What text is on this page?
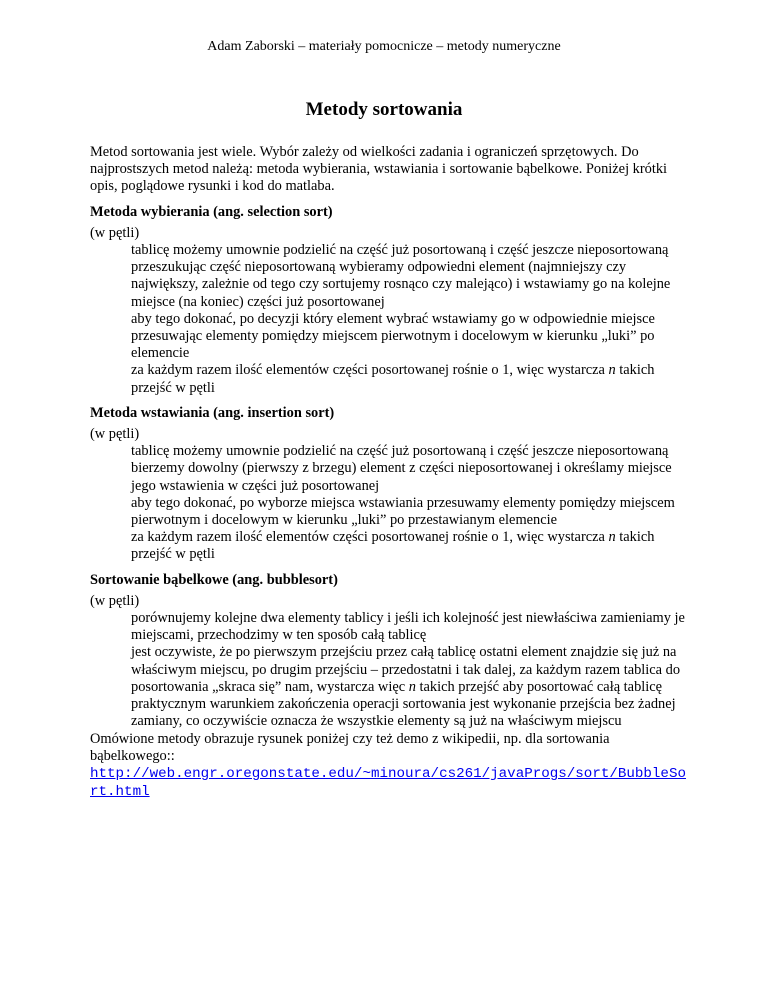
Adam Zaborski – materiały pomocnicze – metody numeryczne
Metody sortowania

Metod sortowania jest wiele. Wybór zależy od wielkości zadania i ograniczeń sprzętowych. Do najprostszych metod należą: metoda wybierania, wstawiania i sortowanie bąbelkowe. Poniżej krótki opis, poglądowe rysunki i kod do matlaba.

Metoda wybierania (ang. selection sort)

(w pętli)

tablicę możemy umownie podzielić na część już posortowaną i część jeszcze nieposortowaną

przeszukując część nieposortowaną wybieramy odpowiedni element (najmniejszy czy największy, zależnie od tego czy sortujemy rosnąco czy malejąco) i wstawiamy go na kolejne miejsce (na koniec) części już posortowanej

aby tego dokonać, po decyzji który element wybrać wstawiamy go w odpowiednie miejsce przesuwając elementy pomiędzy miejscem pierwotnym i docelowym w kierunku „luki” po elemencie

za każdym razem ilość elementów części posortowanej rośnie o 1, więc wystarcza n takich przejść w pętli

Metoda wstawiania (ang. insertion sort)

(w pętli)

tablicę możemy umownie podzielić na część już posortowaną i część jeszcze nieposortowaną

bierzemy dowolny (pierwszy z brzegu) element z części nieposortowanej i określamy miejsce jego wstawienia w części już posortowanej

aby tego dokonać, po wyborze miejsca wstawiania przesuwamy elementy pomiędzy miejscem pierwotnym i docelowym w kierunku „luki” po przestawianym elemencie

za każdym razem ilość elementów części posortowanej rośnie o 1, więc wystarcza n takich przejść w pętli

Sortowanie bąbelkowe (ang. bubblesort)

(w pętli)

porównujemy kolejne dwa elementy tablicy i jeśli ich kolejność jest niewłaściwa zamieniamy je miejscami, przechodzimy w ten sposób całą tablicę

jest oczywiste, że po pierwszym przejściu przez całą tablicę ostatni element znajdzie się już na właściwym miejscu, po drugim przejściu – przedostatni i tak dalej, za każdym razem tablica do posortowania „skraca się” nam, wystarcza więc n takich przejść aby posortować całą tablicę

praktycznym warunkiem zakończenia operacji sortowania jest wykonanie przejścia bez żadnej zamiany, co oczywiście oznacza że wszystkie elementy są już na właściwym miejscu

Omówione metody obrazuje rysunek poniżej czy też demo z wikipedii, np. dla sortowania bąbelkowego::

http://web.engr.oregonstate.edu/~minoura/cs261/javaProgs/sort/BubbleSort.html
